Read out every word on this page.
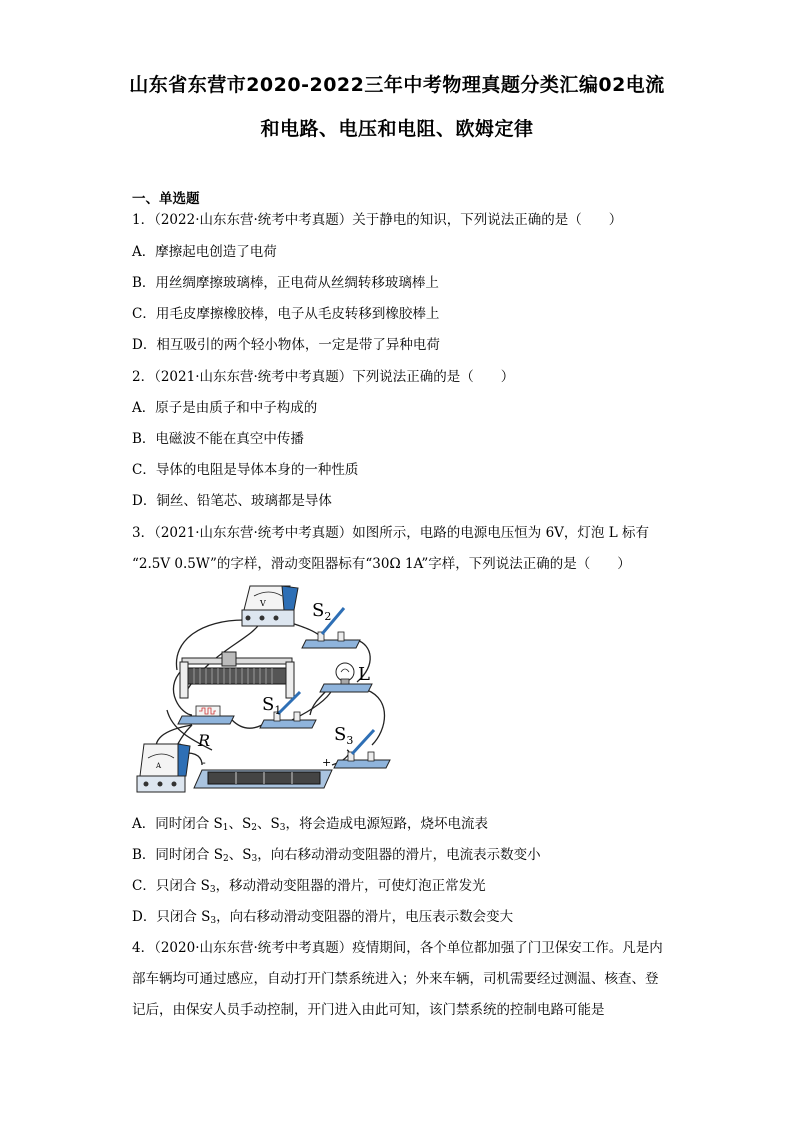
山东省东营市2020-2022三年中考物理真题分类汇编02电流
和电路、电压和电阻、欧姆定律
一、单选题
1．（2022·山东东营·统考中考真题）关于静电的知识，下列说法正确的是（　　）
A．摩擦起电创造了电荷
B．用丝绸摩擦玻璃棒，正电荷从丝绸转移玻璃棒上
C．用毛皮摩擦橡胶棒，电子从毛皮转移到橡胶棒上
D．相互吸引的两个轻小物体，一定是带了异种电荷
2．（2021·山东东营·统考中考真题）下列说法正确的是（　　）
A．原子是由质子和中子构成的
B．电磁波不能在真空中传播
C．导体的电阻是导体本身的一种性质
D．铜丝、铅笔芯、玻璃都是导体
3．（2021·山东东营·统考中考真题）如图所示，电路的电源电压恒为 6V，灯泡 L 标有
“2.5V 0.5W”的字样，滑动变阻器标有“30Ω 1A”字样，下列说法正确的是（　　）
V	$S_2$
L
R
$S_1$
$S_3$
-	+
A
A．同时闭合 $S_1$、$S_2$、$S_3$，将会造成电源短路，烧坏电流表
B．同时闭合 $S_2$、$S_3$，向右移动滑动变阻器的滑片，电流表示数变小
C．只闭合 $S_3$，移动滑动变阻器的滑片，可使灯泡正常发光
D．只闭合 $S_3$，向右移动滑动变阻器的滑片，电压表示数会变大
4．（2020·山东东营·统考中考真题）疫情期间，各个单位都加强了门卫保安工作。凡是内
部车辆均可通过感应，自动打开门禁系统进入；外来车辆，司机需要经过测温、核查、登
记后，由保安人员手动控制，开门进入由此可知，该门禁系统的控制电路可能是
